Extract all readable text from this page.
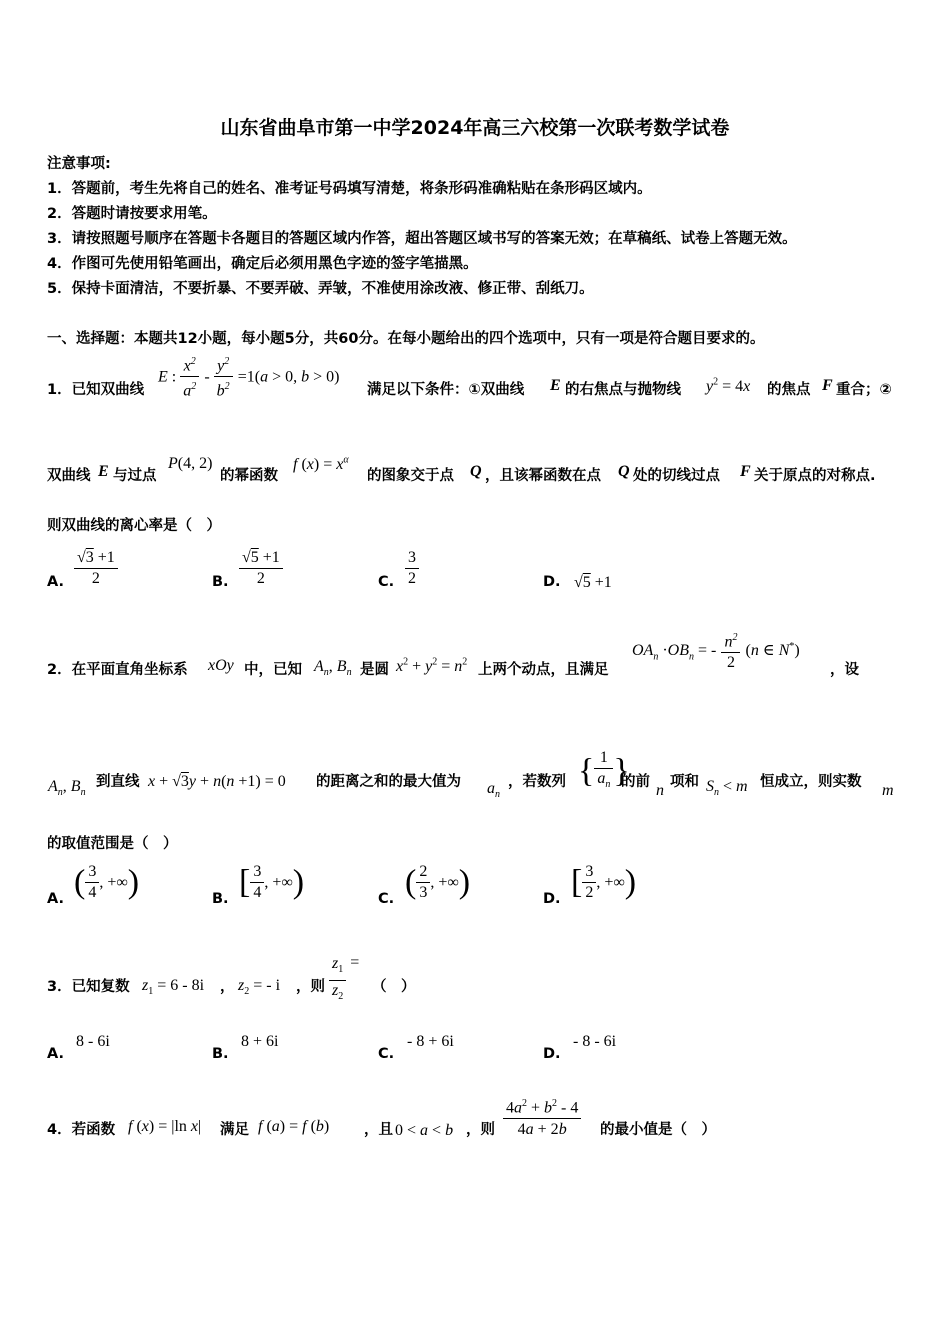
山东省曲阜市第一中学2024年高三六校第一次联考数学试卷
注意事项:
1．答题前，考生先将自己的姓名、准考证号码填写清楚，将条形码准确粘贴在条形码区域内。
2．答题时请按要求用笔。
3．请按照题号顺序在答题卡各题目的答题区域内作答，超出答题区域书写的答案无效；在草稿纸、试卷上答题无效。
4．作图可先使用铅笔画出，确定后必须用黑色字迹的签字笔描黑。
5．保持卡面清洁，不要折暴、不要弄破、弄皱，不准使用涂改液、修正带、刮纸刀。
一、选择题：本题共12小题，每小题5分，共60分。在每小题给出的四个选项中，只有一项是符合题目要求的。
1．已知双曲线
E : $\frac{x^2}{a^2} - \frac{y^2}{b^2} =1(a > 0$, b > 0)
满足以下条件：①双曲线 E 的右焦点与抛物线 $y^2 = 4x$ 的焦点 F 重合；②
双曲线 E 与过点
P(4, 2)
的幂函数
f $(x) = x^\alpha$
的图象交于点 Q ，且该幂函数在点 Q 处的切线过点 F 关于原点的对称点.
则双曲线的离心率是（　）
A. $\frac{√3 +1}{2}$	B. $\frac{√5 +1}{2}$	C. $\frac{3}{2}$	D. √5 +1
2．在平面直角坐标系 xOy 中，已知 $A_n$, $B_n$ 是圆 $x^2 + y^2 = n^2$ 上两个动点，且满足
$OA_n \cdot OB_n$ = - $\frac{n^2}{2} (n$ ∈ N*)
，设
$A_n$, $B_n$
到直线 x + √3y + n(n +1) = 0 的距离之和的最大值为 $a_n$
，若数列 { $\frac{1}{a_n}$ }
的前 n 项和 $S_n < m$ 恒成立，则实数 m
的取值范围是（　）
A. ( $\frac{3}{4}$ , +∞)	B. [ $\frac{3}{4}$ , +∞)	C. ( $\frac{2}{3}$ , +∞)	D. [ $\frac{3}{2}$ , +∞)
3．已知复数 $z_1 = 6 - 8i$ ， $z_2$ = - i ，则 $\frac{z_1}{z_2}$ =
（　）
A.
8 - 6i
B.
8 + 6i
C.
- 8 + 6i
D.
- 8 - 6i
4．若函数 f (x) = |ln x| 满足 f (a) = f (b) ，且 0 < a < b ，则 $\frac{4a^2 + b^2 - 4}{4a + 2b}$ 的最小值是（　）
